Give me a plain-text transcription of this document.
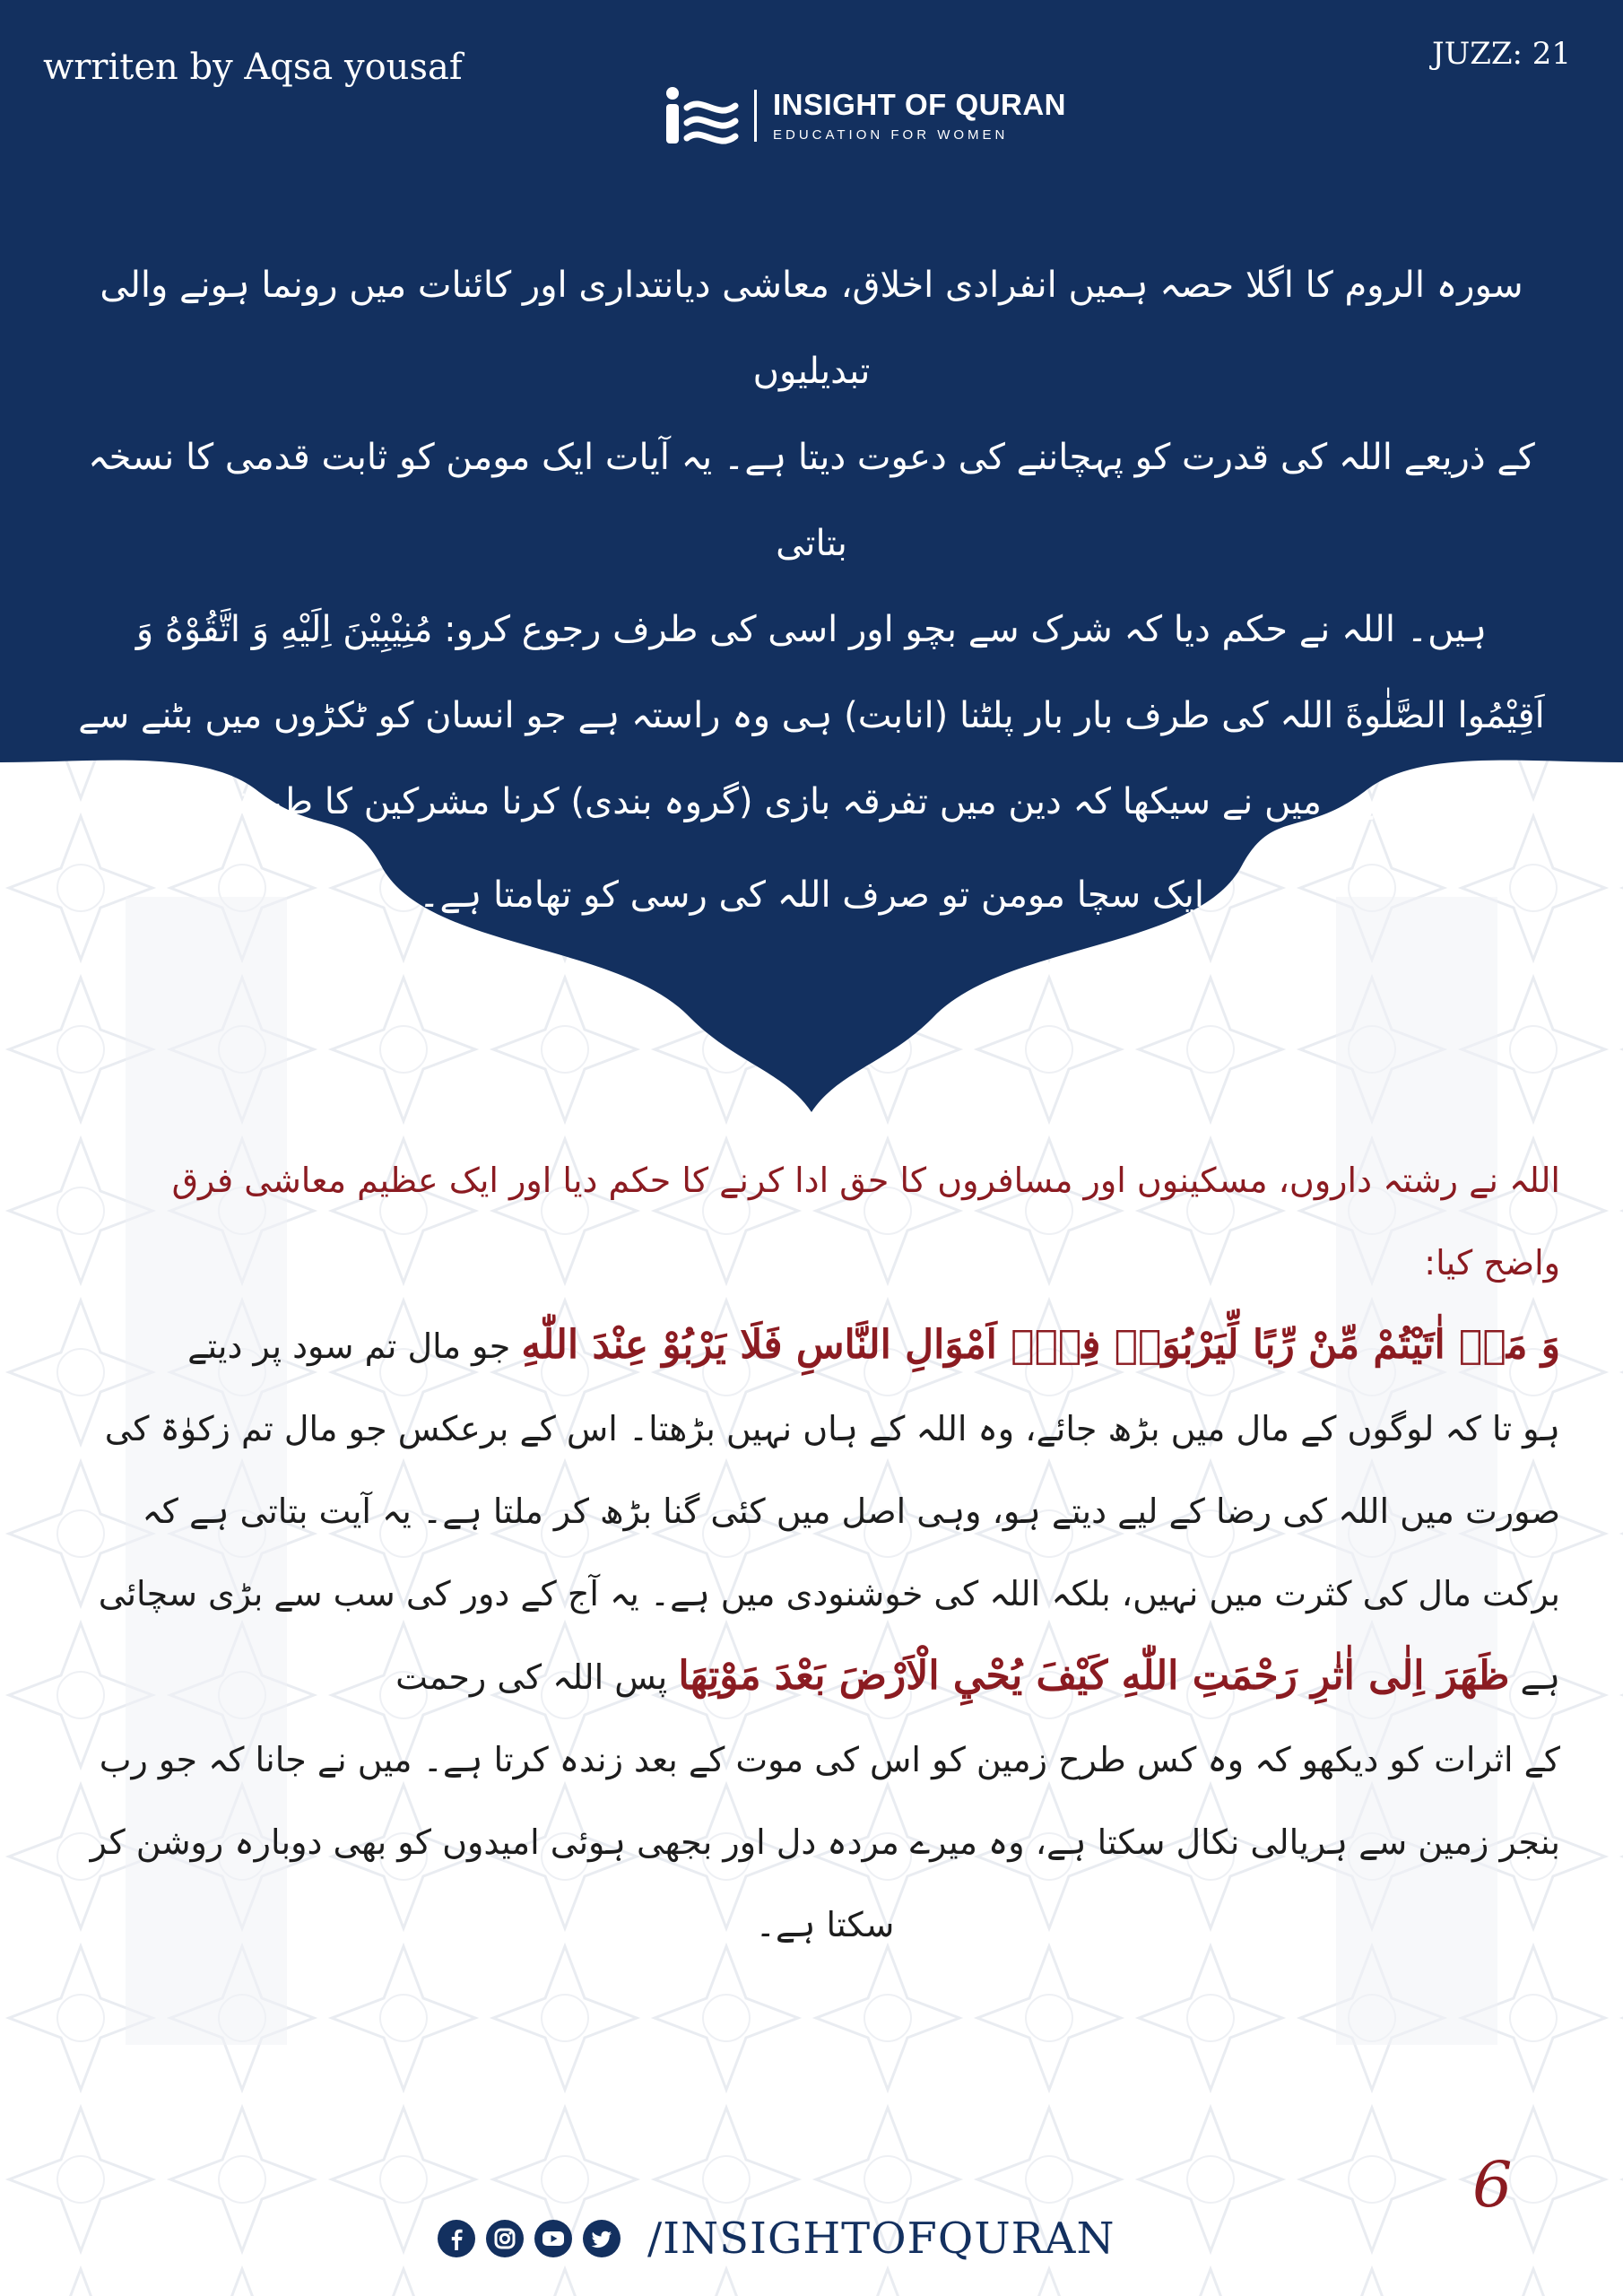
wrriten by Aqsa yousaf	JUZZ: 21
INSIGHT OF QURAN
EDUCATION FOR WOMEN

سورہ الروم کا اگلا حصہ ہمیں انفرادی اخلاق، معاشی دیانتداری اور کائنات میں رونما ہونے والی تبدیلیوں

کے ذریعے اللہ کی قدرت کو پہچاننے کی دعوت دیتا ہے۔ یہ آیات ایک مومن کو ثابت قدمی کا نسخہ بتاتی

ہیں۔ اللہ نے حکم دیا کہ شرک سے بچو اور اسی کی طرف رجوع کرو: مُنِيْبِيْنَ اِلَيْهِ وَ اتَّقُوْهُ وَ

اَقِيْمُوا الصَّلٰوةَ اللہ کی طرف بار بار پلٹنا (انابت) ہی وہ راستہ ہے جو انسان کو ٹکڑوں میں بٹنے سے

بچاتا ہے۔ میں نے سیکھا کہ دین میں تفرقہ بازی (گروہ بندی) کرنا مشرکین کا طریقہ ہے،

ایک سچا مومن تو صرف اللہ کی رسی کو تھامتا ہے۔

اللہ نے رشتہ داروں، مسکینوں اور مسافروں کا حق ادا کرنے کا حکم دیا اور ایک عظیم معاشی فرق واضح کیا:

وَ مَاۤ اٰتَيْتُمْ مِّنْ رِّبًا لِّيَرْبُوَاۡ فِيۡۤ اَمْوَالِ النَّاسِ فَلَا يَرْبُوْ عِنْدَ اللّٰهِ جو مال تم سود پر دیتے

ہو تا کہ لوگوں کے مال میں بڑھ جائے، وہ اللہ کے ہاں نہیں بڑھتا۔ اس کے برعکس جو مال تم زکوٰۃ کی

صورت میں اللہ کی رضا کے لیے دیتے ہو، وہی اصل میں کئی گنا بڑھ کر ملتا ہے۔ یہ آیت بتاتی ہے کہ

برکت مال کی کثرت میں نہیں، بلکہ اللہ کی خوشنودی میں ہے۔ یہ آج کے دور کی سب سے بڑی سچائی

ہے ظَهَرَ اِلٰى اٰثٰرِ رَحْمَتِ اللّٰهِ كَيْفَ يُحْيِ الْاَرْضَ بَعْدَ مَوْتِهَا پس اللہ کی رحمت

کے اثرات کو دیکھو کہ وہ کس طرح زمین کو اس کی موت کے بعد زندہ کرتا ہے۔ میں نے جانا کہ جو رب

بنجر زمین سے ہریالی نکال سکتا ہے، وہ میرے مردہ دل اور بجھی ہوئی امیدوں کو بھی دوبارہ روشن کر

سکتا ہے۔

6
/INSIGHTOFQURAN
